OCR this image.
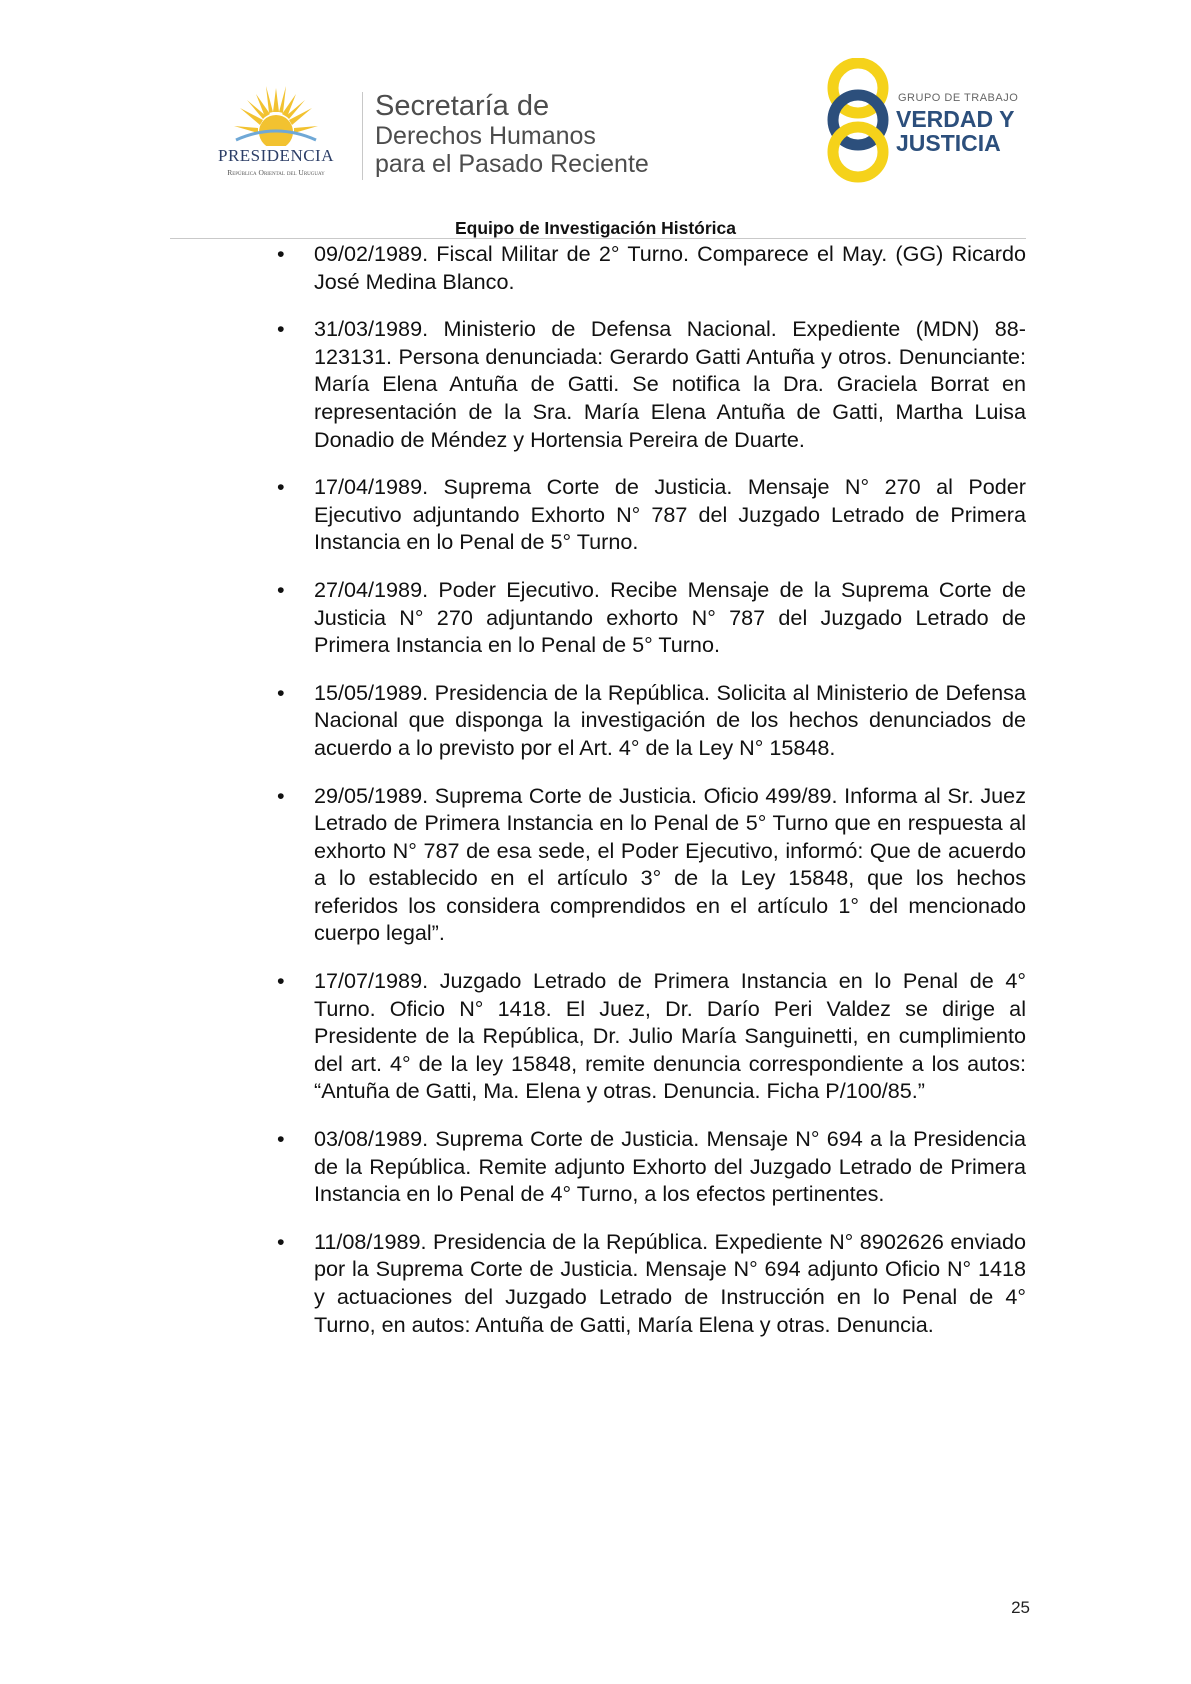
PRESIDENCIA
República Oriental del Uruguay
Secretaría de
Derechos Humanos
para el Pasado Reciente
GRUPO DE TRABAJO
VERDAD Y
JUSTICIA
Equipo de Investigación Histórica
• 09/02/1989. Fiscal Militar de 2° Turno. Comparece el May. (GG) Ricardo José Medina Blanco.
• 31/03/1989. Ministerio de Defensa Nacional. Expediente (MDN) 88-123131. Persona denunciada: Gerardo Gatti Antuña y otros. Denunciante: María Elena Antuña de Gatti. Se notifica la Dra. Graciela Borrat en representación de la Sra. María Elena Antuña de Gatti, Martha Luisa Donadio de Méndez y Hortensia Pereira de Duarte.
• 17/04/1989. Suprema Corte de Justicia. Mensaje N° 270 al Poder Ejecutivo adjuntando Exhorto N° 787 del Juzgado Letrado de Primera Instancia en lo Penal de 5° Turno.
• 27/04/1989. Poder Ejecutivo. Recibe Mensaje de la Suprema Corte de Justicia N° 270 adjuntando exhorto N° 787 del Juzgado Letrado de Primera Instancia en lo Penal de 5° Turno.
• 15/05/1989. Presidencia de la República. Solicita al Ministerio de Defensa Nacional que disponga la investigación de los hechos denunciados de acuerdo a lo previsto por el Art. 4° de la Ley N° 15848.
• 29/05/1989. Suprema Corte de Justicia. Oficio 499/89. Informa al Sr. Juez Letrado de Primera Instancia en lo Penal de 5° Turno que en respuesta al exhorto N° 787 de esa sede, el Poder Ejecutivo, informó: Que de acuerdo a lo establecido en el artículo 3° de la Ley 15848, que los hechos referidos los considera comprendidos en el artículo 1° del mencionado cuerpo legal”.
• 17/07/1989. Juzgado Letrado de Primera Instancia en lo Penal de 4° Turno. Oficio N° 1418. El Juez, Dr. Darío Peri Valdez se dirige al Presidente de la República, Dr. Julio María Sanguinetti, en cumplimiento del art. 4° de la ley 15848, remite denuncia correspondiente a los autos: “Antuña de Gatti, Ma. Elena y otras. Denuncia. Ficha P/100/85.”
• 03/08/1989. Suprema Corte de Justicia. Mensaje N° 694 a la Presidencia de la República. Remite adjunto Exhorto del Juzgado Letrado de Primera Instancia en lo Penal de 4° Turno, a los efectos pertinentes.
• 11/08/1989. Presidencia de la República. Expediente N° 8902626 enviado por la Suprema Corte de Justicia. Mensaje N° 694 adjunto Oficio N° 1418 y actuaciones del Juzgado Letrado de Instrucción en lo Penal de 4° Turno, en autos: Antuña de Gatti, María Elena y otras. Denuncia.
25
